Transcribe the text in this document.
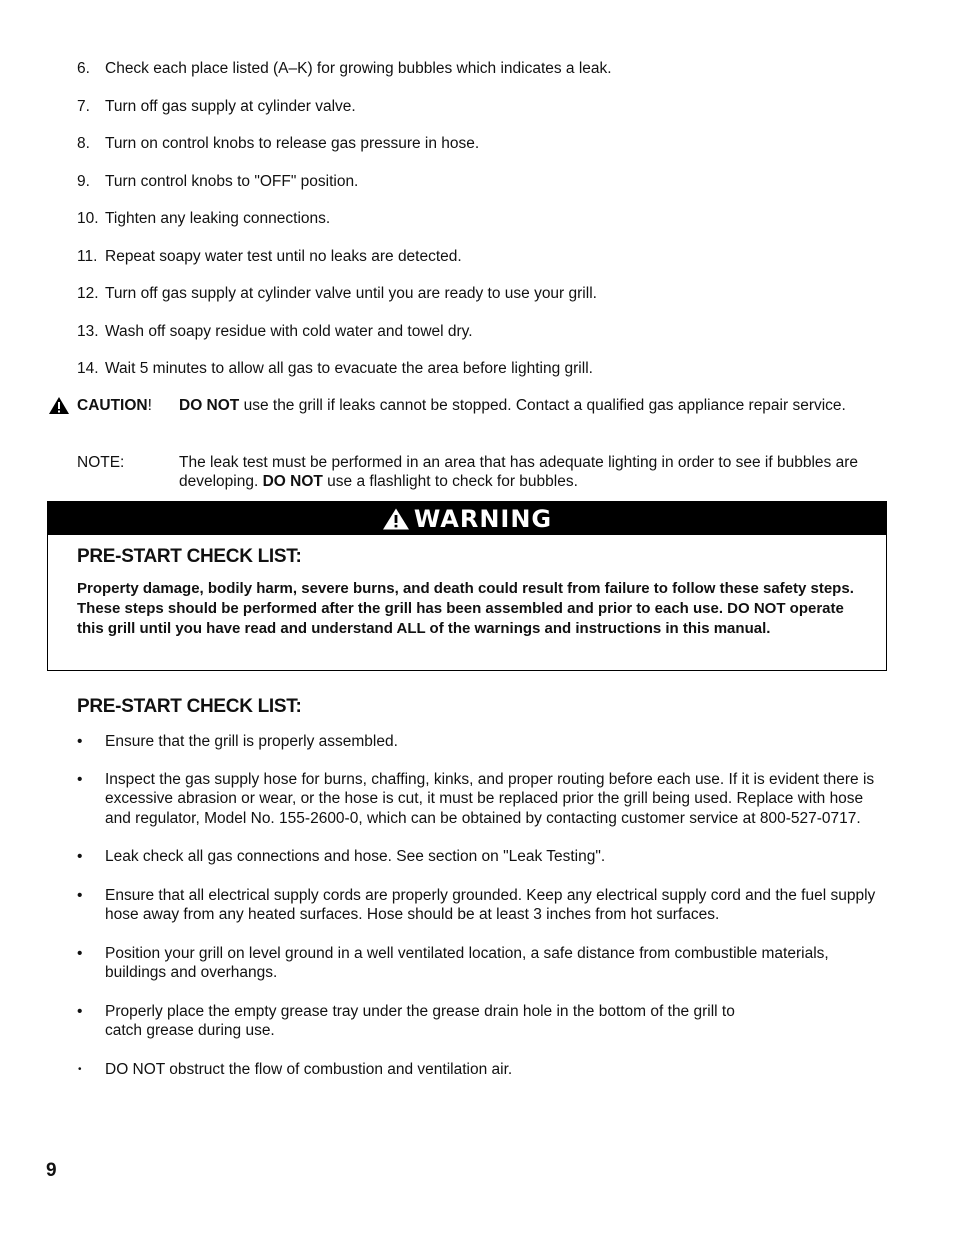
6. Check each place listed (A–K) for growing bubbles which indicates a leak.
7. Turn off gas supply at cylinder valve.
8. Turn on control knobs to release gas pressure in hose.
9. Turn control knobs to "OFF" position.
10. Tighten any leaking connections.
11. Repeat soapy water test until no leaks are detected.
12. Turn off gas supply at cylinder valve until you are ready to use your grill.
13. Wash off soapy residue with cold water and towel dry.
14. Wait 5 minutes to allow all gas to evacuate the area before lighting grill.
CAUTION! DO NOT use the grill if leaks cannot be stopped. Contact a qualified gas appliance repair service.
NOTE:	The leak test must be performed in an area that has adequate lighting in order to see if bubbles are developing. DO NOT use a flashlight to check for bubbles.
WARNING
PRE-START CHECK LIST:
Property damage, bodily harm, severe burns, and death could result from failure to follow these safety steps. These steps should be performed after the grill has been assembled and prior to each use. DO NOT operate this grill until you have read and understand ALL of the warnings and instructions in this manual.
PRE-START CHECK LIST:
• Ensure that the grill is properly assembled.
• Inspect the gas supply hose for burns, chaffing, kinks, and proper routing before each use. If it is evident there is excessive abrasion or wear, or the hose is cut, it must be replaced prior the grill being used. Replace with hose and regulator, Model No. 155-2600-0, which can be obtained by contacting customer service at 800-527-0717.
• Leak check all gas connections and hose. See section on "Leak Testing".
• Ensure that all electrical supply cords are properly grounded. Keep any electrical supply cord and the fuel supply hose away from any heated surfaces. Hose should be at least 3 inches from hot surfaces.
• Position your grill on level ground in a well ventilated location, a safe distance from combustible materials, buildings and overhangs.
• Properly place the empty grease tray under the grease drain hole in the bottom of the grill to catch grease during use.
• DO NOT obstruct the flow of combustion and ventilation air.
9
